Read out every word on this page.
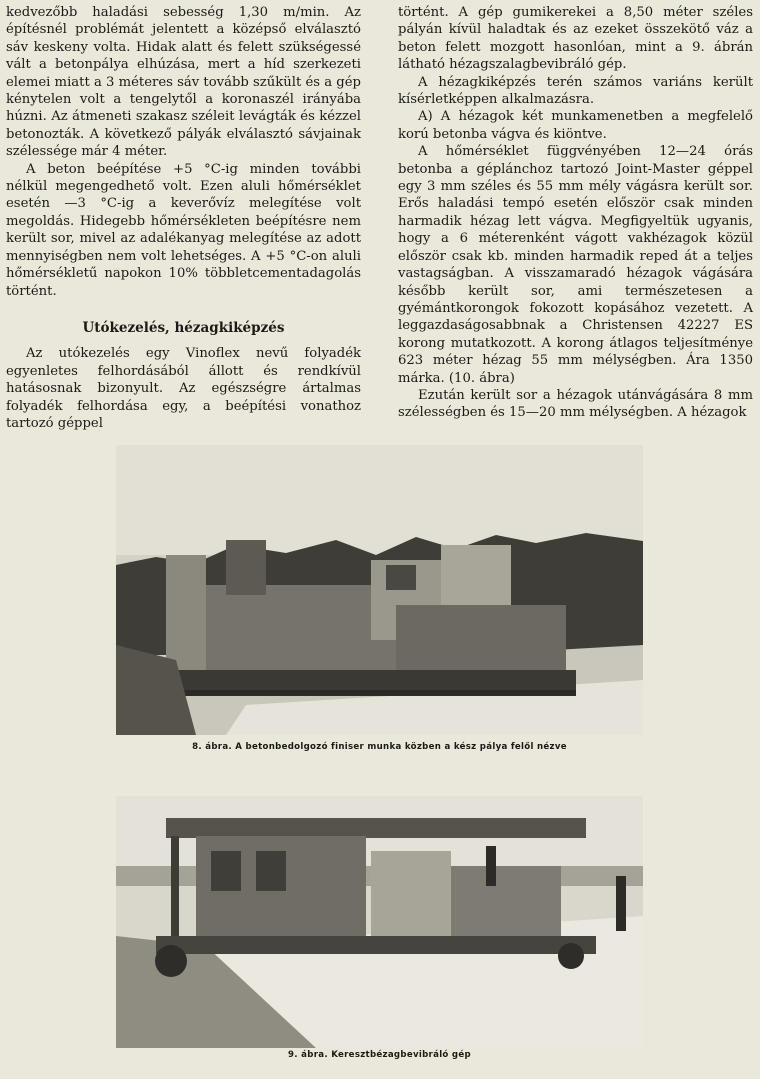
kedvezőbb haladási sebesség 1,30 m/min. Az építésnél problémát jelentett a középső elválasztó sáv keskeny volta. Hidak alatt és felett szükségessé vált a betonpálya elhúzása, mert a híd szerkezeti elemei miatt a 3 méteres sáv tovább szűkült és a gép kénytelen volt a tengelytől a koronaszél irányába húzni. Az átmeneti szakasz széleit levágták és kézzel betonozták. A következő pályák elválasztó sávjainak szélessége már 4 méter.

A beton beépítése +5 °C-ig minden további nélkül megengedhető volt. Ezen aluli hőmérséklet esetén —3 °C-ig a keverővíz melegítése volt megoldás. Hidegebb hőmérsékleten beépítésre nem került sor, mivel az adalékanyag melegítése az adott mennyiségben nem volt lehetséges. A +5 °C-on aluli hőmérsékletű napokon 10% többletcementadagolás történt.

Utókezelés, hézagkiképzés

Az utókezelés egy Vinoflex nevű folyadék egyenletes felhordásából állott és rendkívül hatásosnak bizonyult. Az egészségre ártalmas folyadék felhordása egy, a beépítési vonathoz tartozó géppel

történt. A gép gumikerekei a 8,50 méter széles pályán kívül haladtak és az ezeket összekötő váz a beton felett mozgott hasonlóan, mint a 9. ábrán látható hézagszalagbevibráló gép.

A hézagkiképzés terén számos variáns került kísérletképpen alkalmazásra.

A) A hézagok két munkamenetben a megfelelő korú betonba vágva és kiöntve.

A hőmérséklet függvényében 12—24 órás betonba a géplánchoz tartozó Joint-Master géppel egy 3 mm széles és 55 mm mély vágásra került sor. Erős haladási tempó esetén először csak minden harmadik hézag lett vágva. Megfigyeltük ugyanis, hogy a 6 méterenként vágott vakhézagok közül először csak kb. minden harmadik reped át a teljes vastagságban. A visszamaradó hézagok vágására később került sor, ami természetesen a gyémántkorongok fokozott kopásához vezetett. A leggazdaságosabbnak a Christensen 42227 ES korong mutatkozott. A korong átlagos teljesítménye 623 méter hézag 55 mm mélységben. Ára 1350 márka. (10. ábra)

Ezután került sor a hézagok utánvágására 8 mm szélességben és 15—20 mm mélységben. A hézagok

8. ábra. A betonbedolgozó finiser munka közben a kész pálya felől nézve
9. ábra. Keresztbézagbevibráló gép
